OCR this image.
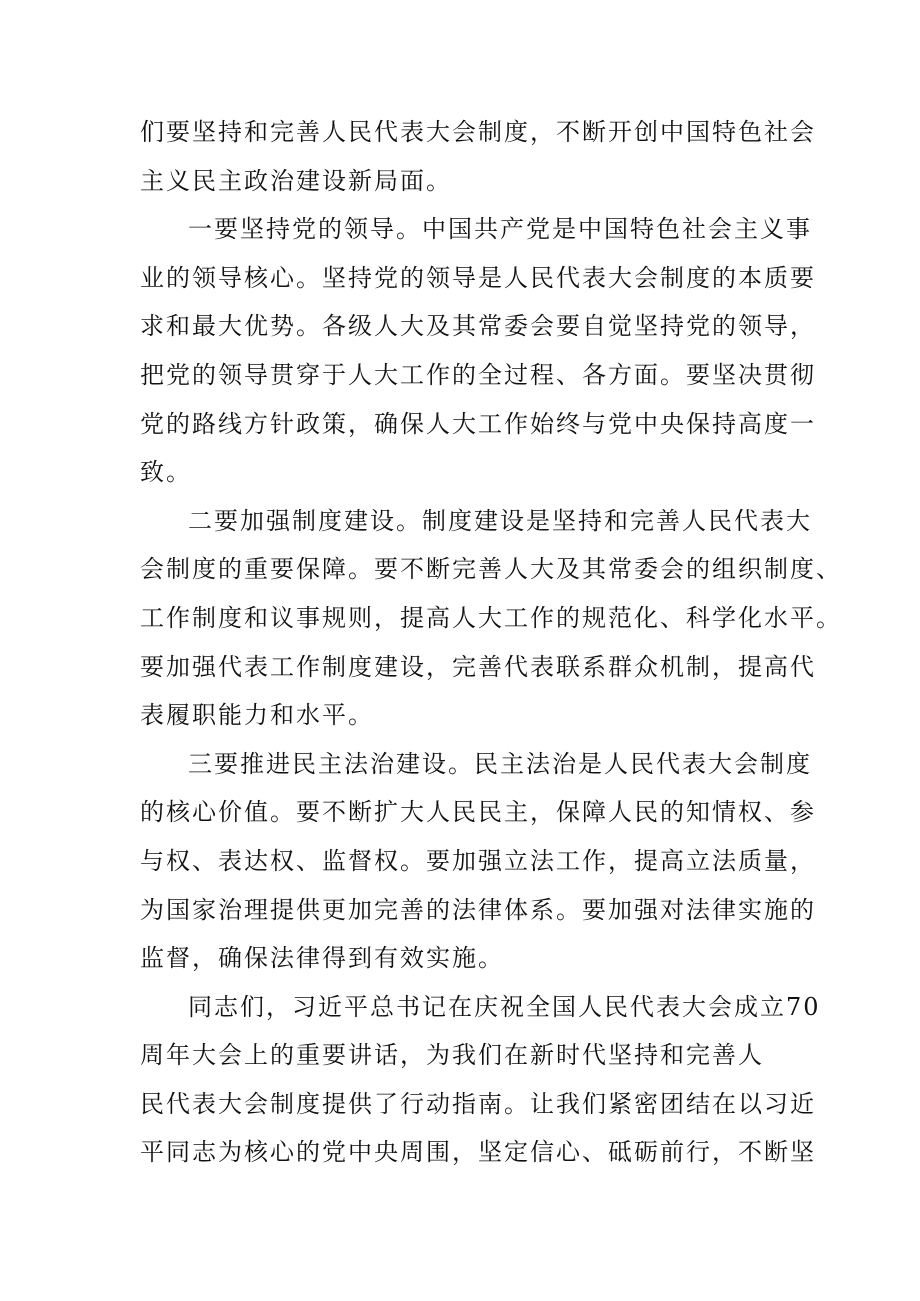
们要坚持和完善人民代表大会制度，不断开创中国特色社会
主义民主政治建设新局面。
一要坚持党的领导。中国共产党是中国特色社会主义事
业的领导核心。坚持党的领导是人民代表大会制度的本质要
求和最大优势。各级人大及其常委会要自觉坚持党的领导，
把党的领导贯穿于人大工作的全过程、各方面。要坚决贯彻
党的路线方针政策，确保人大工作始终与党中央保持高度一
致。
二要加强制度建设。制度建设是坚持和完善人民代表大
会制度的重要保障。要不断完善人大及其常委会的组织制度、
工作制度和议事规则，提高人大工作的规范化、科学化水平。
要加强代表工作制度建设，完善代表联系群众机制，提高代
表履职能力和水平。
三要推进民主法治建设。民主法治是人民代表大会制度
的核心价值。要不断扩大人民民主，保障人民的知情权、参
与权、表达权、监督权。要加强立法工作，提高立法质量，
为国家治理提供更加完善的法律体系。要加强对法律实施的
监督，确保法律得到有效实施。
同志们，习近平总书记在庆祝全国人民代表大会成立70
周年大会上的重要讲话，为我们在新时代坚持和完善人
民代表大会制度提供了行动指南。让我们紧密团结在以习近
平同志为核心的党中央周围，坚定信心、砥砺前行，不断坚
